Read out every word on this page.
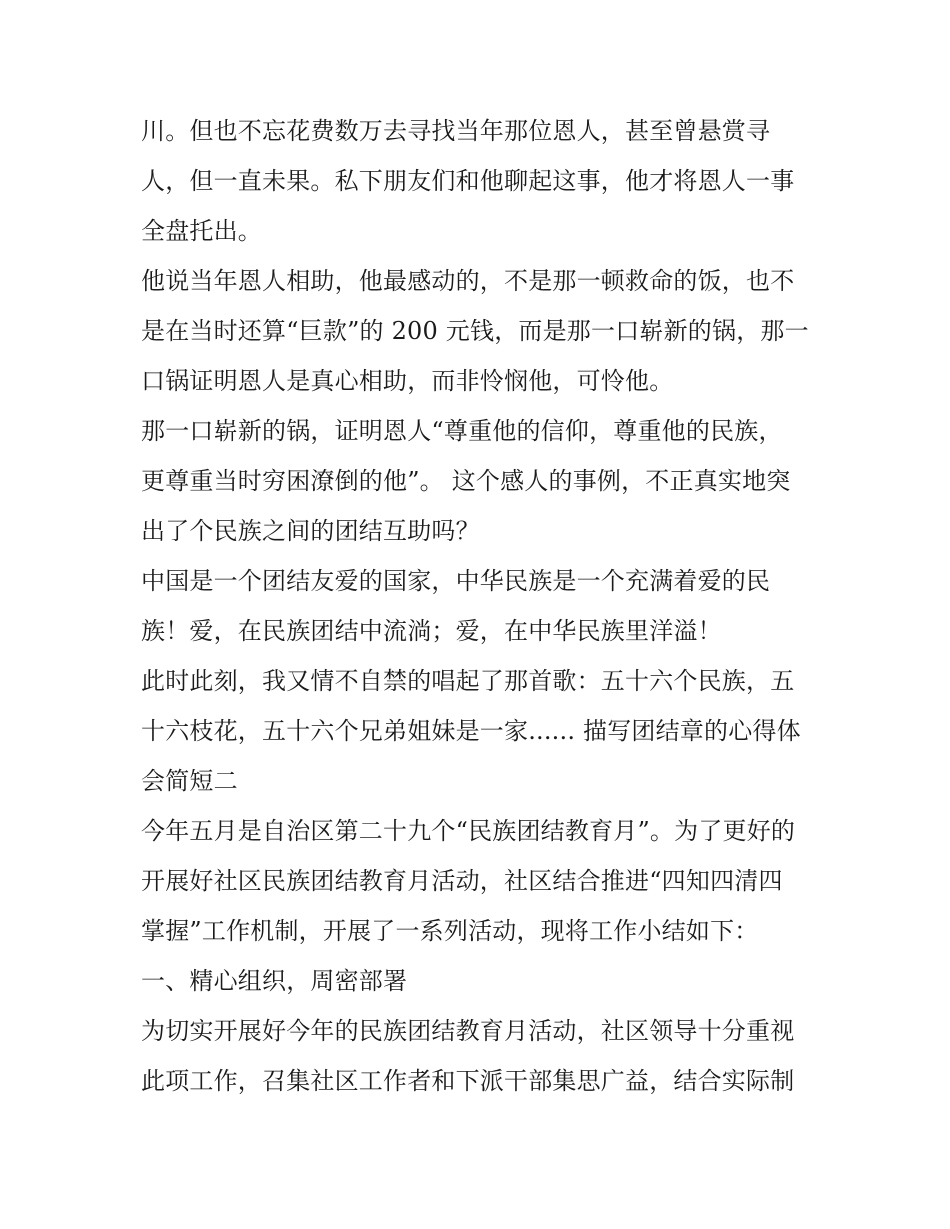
川。但也不忘花费数万去寻找当年那位恩人，甚至曾悬赏寻
人，但一直未果。私下朋友们和他聊起这事，他才将恩人一事
全盘托出。
他说当年恩人相助，他最感动的，不是那一顿救命的饭，也不
是在当时还算“巨款”的 200 元钱，而是那一口崭新的锅，那一
口锅证明恩人是真心相助，而非怜悯他，可怜他。
那一口崭新的锅，证明恩人“尊重他的信仰，尊重他的民族，
更尊重当时穷困潦倒的他”。 这个感人的事例，不正真实地突
出了个民族之间的团结互助吗？
中国是一个团结友爱的国家，中华民族是一个充满着爱的民
族！爱，在民族团结中流淌；爱，在中华民族里洋溢！
此时此刻，我又情不自禁的唱起了那首歌：五十六个民族，五
十六枝花，五十六个兄弟姐妹是一家...... 描写团结章的心得体
会简短二
今年五月是自治区第二十九个“民族团结教育月”。为了更好的
开展好社区民族团结教育月活动，社区结合推进“四知四清四
掌握”工作机制，开展了一系列活动，现将工作小结如下：
一、精心组织，周密部署
为切实开展好今年的民族团结教育月活动，社区领导十分重视
此项工作，召集社区工作者和下派干部集思广益，结合实际制
